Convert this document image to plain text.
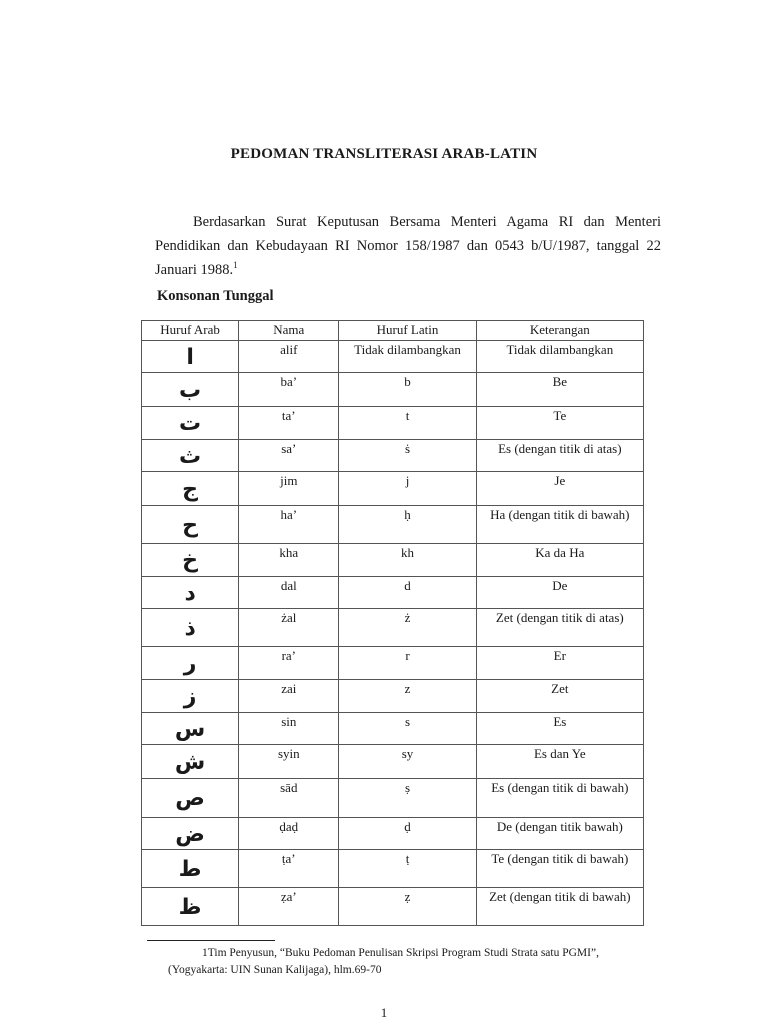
PEDOMAN TRANSLITERASI ARAB-LATIN
Berdasarkan Surat Keputusan Bersama Menteri Agama RI dan Menteri Pendidikan dan Kebudayaan RI Nomor 158/1987 dan 0543 b/U/1987, tanggal 22 Januari 1988.$^1$
Konsonan Tunggal
Huruf Arab	Nama	Huruf Latin	Keterangan
ا	alif	Tidak dilambangkan	Tidak dilambangkan
ب	ba’	b	Be
ت	ta’	t	Te
ث	sa’	ṡ	Es (dengan titik di atas)
ج	jim	j	Je
ح	ha’	ḥ	Ha (dengan titik di bawah)
خ	kha	kh	Ka da Ha
د	dal	d	De
ذ	żal	ż	Zet (dengan titik di atas)
ر	ra’	r	Er
ز	zai	z	Zet
س	sin	s	Es
ش	syin	sy	Es dan Ye
ص	sād	ṣ	Es (dengan titik di bawah)
ض	ḍaḍ	ḍ	De (dengan titik bawah)
ط	ṭa’	ṭ	Te (dengan titik di bawah)
ظ	ẓa’	ẓ	Zet (dengan titik di bawah)
1Tim Penyusun, “Buku Pedoman Penulisan Skripsi Program Studi Strata satu PGMI”,
(Yogyakarta: UIN Sunan Kalijaga), hlm.69-70
1
